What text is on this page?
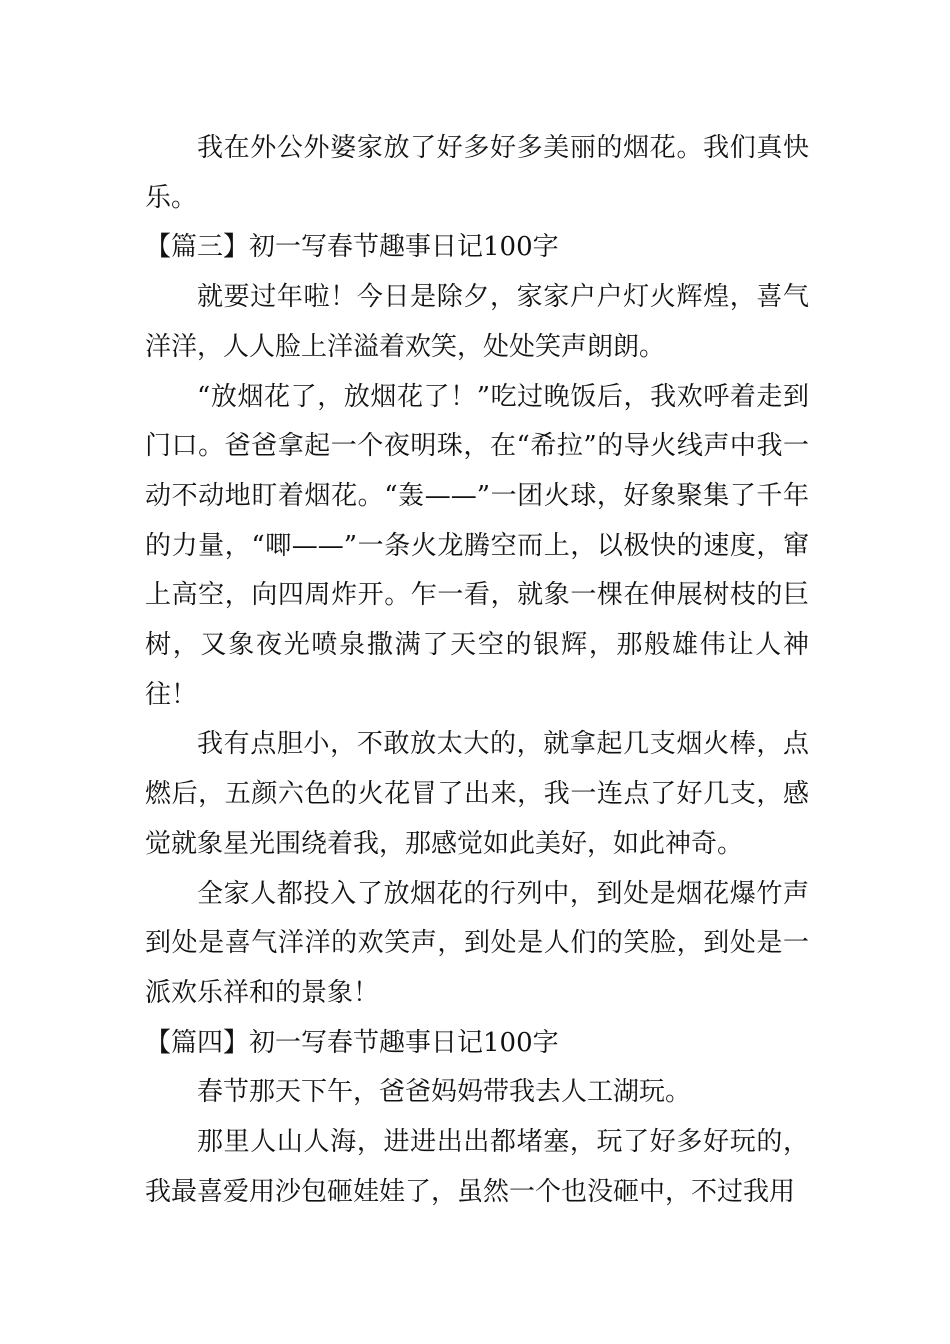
我在外公外婆家放了好多好多美丽的烟花。我们真快乐。

【篇三】初一写春节趣事日记100字

就要过年啦！今日是除夕，家家户户灯火辉煌，喜气洋洋，人人脸上洋溢着欢笑，处处笑声朗朗。

“放烟花了，放烟花了！”吃过晚饭后，我欢呼着走到门口。爸爸拿起一个夜明珠，在“希拉”的导火线声中我一动不动地盯着烟花。“轰——”一团火球，好象聚集了千年的力量，“唧——”一条火龙腾空而上，以极快的速度，窜上高空，向四周炸开。乍一看，就象一棵在伸展树枝的巨树，又象夜光喷泉撒满了天空的银辉，那般雄伟让人神往！

我有点胆小，不敢放太大的，就拿起几支烟火棒，点燃后，五颜六色的火花冒了出来，我一连点了好几支，感觉就象星光围绕着我，那感觉如此美好，如此神奇。

全家人都投入了放烟花的行列中，到处是烟花爆竹声到处是喜气洋洋的欢笑声，到处是人们的笑脸，到处是一派欢乐祥和的景象！

【篇四】初一写春节趣事日记100字

春节那天下午，爸爸妈妈带我去人工湖玩。

那里人山人海，进进出出都堵塞，玩了好多好玩的，我最喜爱用沙包砸娃娃了，虽然一个也没砸中，不过我用
